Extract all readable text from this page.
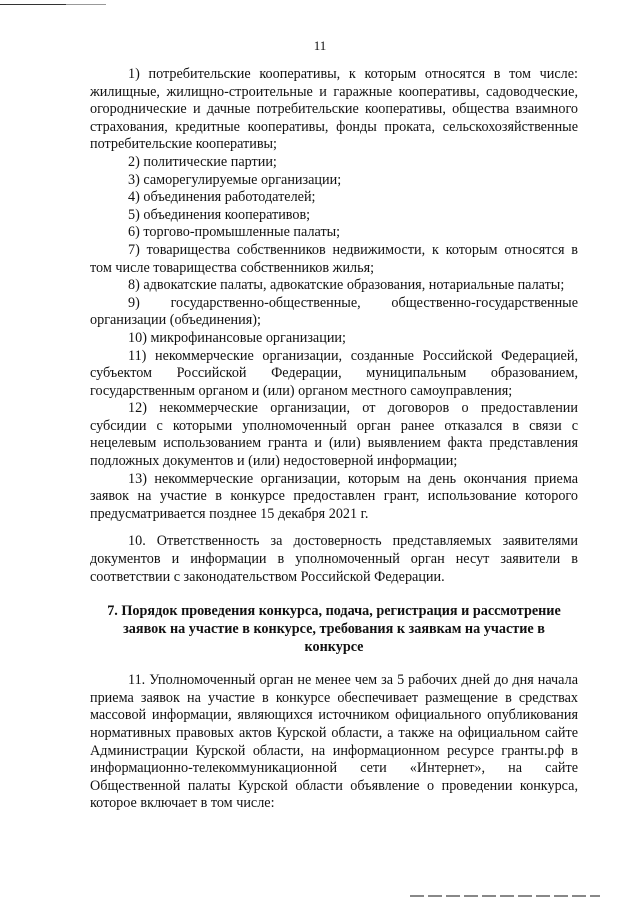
11

1) потребительские кооперативы, к которым относятся в том числе: жилищные, жилищно-строительные и гаражные кооперативы, садоводческие, огороднические и дачные потребительские кооперативы, общества взаимного страхования, кредитные кооперативы, фонды проката, сельскохозяйственные потребительские кооперативы;

2) политические партии;

3) саморегулируемые организации;

4) объединения работодателей;

5) объединения кооперативов;

6) торгово-промышленные палаты;

7) товарищества собственников недвижимости, к которым относятся в том числе товарищества собственников жилья;

8) адвокатские палаты, адвокатские образования, нотариальные палаты;

9) государственно-общественные, общественно-государственные организации (объединения);

10) микрофинансовые организации;

11) некоммерческие организации, созданные Российской Федерацией, субъектом Российской Федерации, муниципальным образованием, государственным органом и (или) органом местного самоуправления;

12) некоммерческие организации, от договоров о предоставлении субсидии с которыми уполномоченный орган ранее отказался в связи с нецелевым использованием гранта и (или) выявлением факта представления подложных документов и (или) недостоверной информации;

13) некоммерческие организации, которым на день окончания приема заявок на участие в конкурсе предоставлен грант, использование которого предусматривается позднее 15 декабря 2021 г.

10. Ответственность за достоверность представляемых заявителями документов и информации в уполномоченный орган несут заявители в соответствии с законодательством Российской Федерации.

7. Порядок проведения конкурса, подача, регистрация и рассмотрение заявок на участие в конкурсе, требования к заявкам на участие в конкурсе

11. Уполномоченный орган не менее чем за 5 рабочих дней до дня начала приема заявок на участие в конкурсе обеспечивает размещение в средствах массовой информации, являющихся источником официального опубликования нормативных правовых актов Курской области, а также на официальном сайте Администрации Курской области, на информационном ресурсе гранты.рф в информационно-телекоммуникационной сети «Интернет», на сайте Общественной палаты Курской области объявление о проведении конкурса, которое включает в том числе:
